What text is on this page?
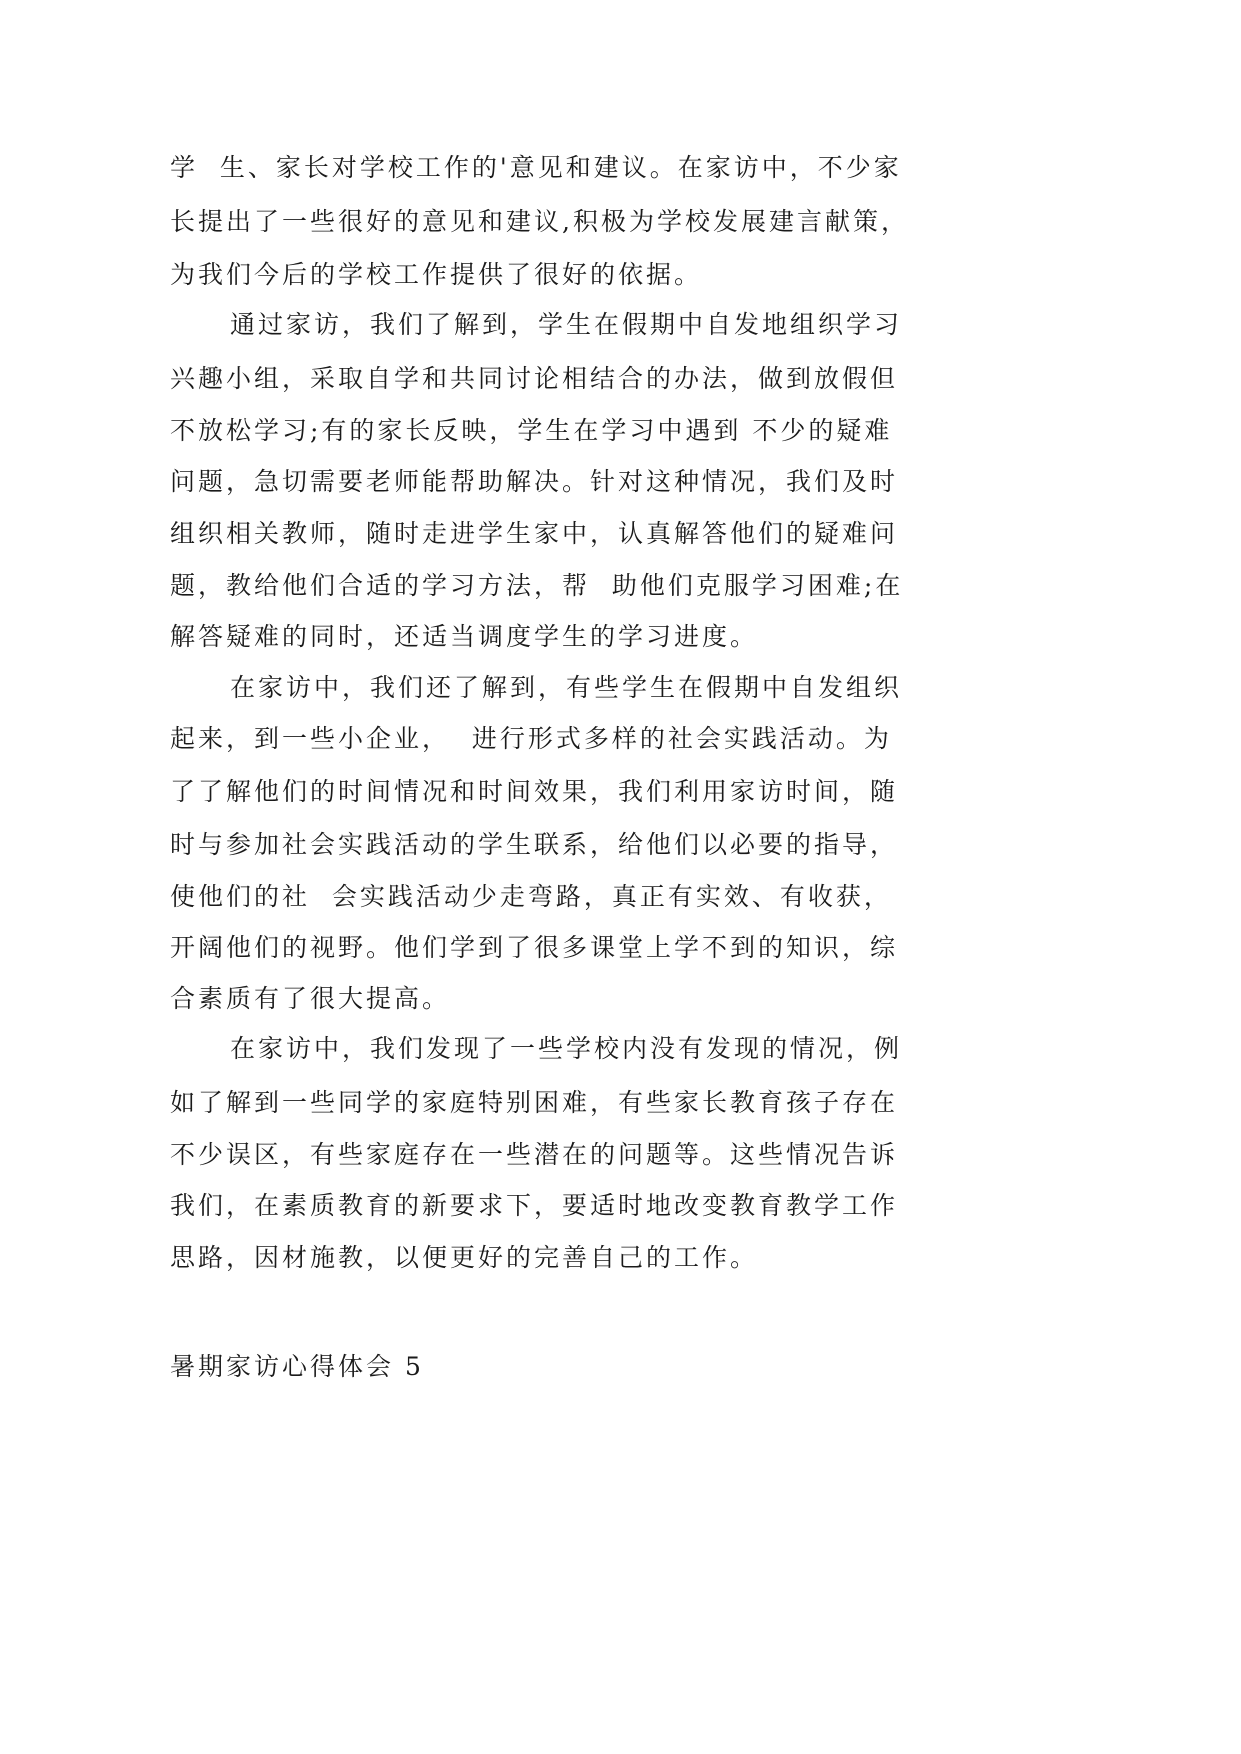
学  生、家长对学校工作的'意见和建议。在家访中，不少家
长提出了一些很好的意见和建议,积极为学校发展建言献策，
为我们今后的学校工作提供了很好的依据。
通过家访，我们了解到，学生在假期中自发地组织学习
兴趣小组，采取自学和共同讨论相结合的办法，做到放假但
不放松学习;有的家长反映，学生在学习中遇到 不少的疑难
问题，急切需要老师能帮助解决。针对这种情况，我们及时
组织相关教师，随时走进学生家中，认真解答他们的疑难问
题，教给他们合适的学习方法，帮  助他们克服学习困难;在
解答疑难的同时，还适当调度学生的学习进度。
在家访中，我们还了解到，有些学生在假期中自发组织
起来，到一些小企业，  进行形式多样的社会实践活动。为
了了解他们的时间情况和时间效果，我们利用家访时间，随
时与参加社会实践活动的学生联系，给他们以必要的指导，
使他们的社  会实践活动少走弯路，真正有实效、有收获，
开阔他们的视野。他们学到了很多课堂上学不到的知识，综
合素质有了很大提高。
在家访中，我们发现了一些学校内没有发现的情况，例
如了解到一些同学的家庭特别困难，有些家长教育孩子存在
不少误区，有些家庭存在一些潜在的问题等。这些情况告诉
我们，在素质教育的新要求下，要适时地改变教育教学工作
思路，因材施教，以便更好的完善自己的工作。
暑期家访心得体会 5
